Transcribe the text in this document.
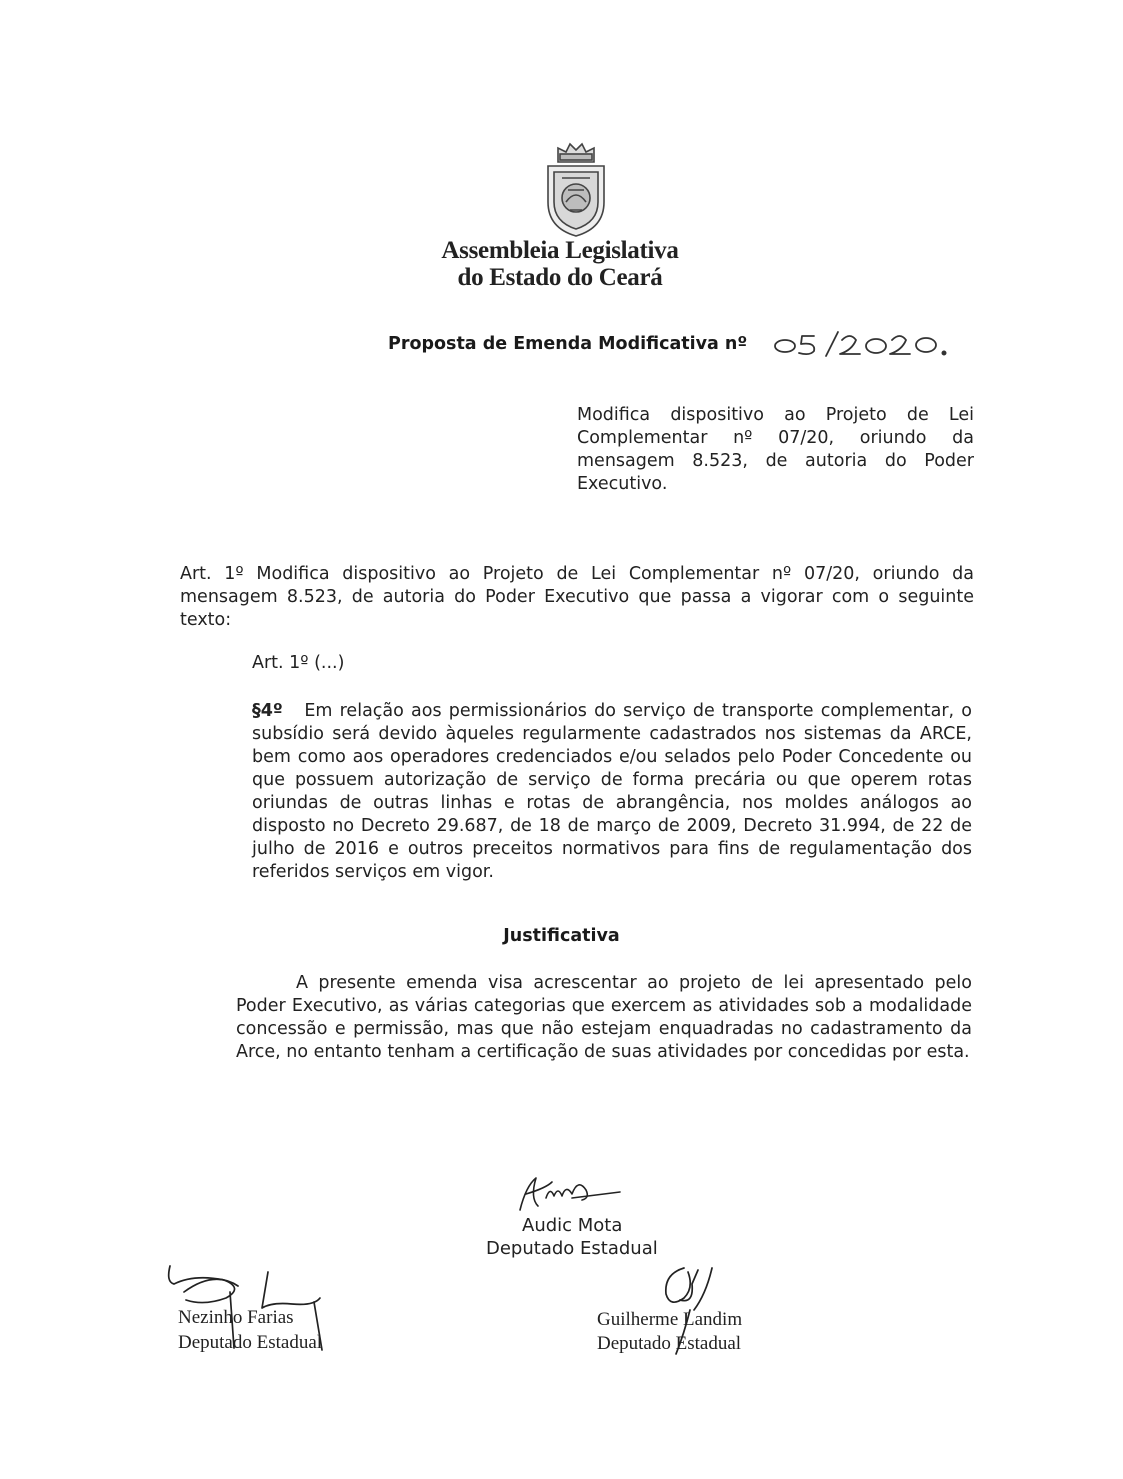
Assembleia Legislativa
do Estado do Ceará
Proposta de Emenda Modificativa nº
Modifica dispositivo ao Projeto de Lei Complementar nº 07/20, oriundo da mensagem 8.523, de autoria do Poder Executivo.
Art. 1º Modifica dispositivo ao Projeto de Lei Complementar nº 07/20, oriundo da mensagem 8.523, de autoria do Poder Executivo que passa a vigorar com o seguinte texto:
Art. 1º (...)
§4º Em relação aos permissionários do serviço de transporte complementar, o subsídio será devido àqueles regularmente cadastrados nos sistemas da ARCE, bem como aos operadores credenciados e/ou selados pelo Poder Concedente ou que possuem autorização de serviço de forma precária ou que operem rotas oriundas de outras linhas e rotas de abrangência, nos moldes análogos ao disposto no Decreto 29.687, de 18 de março de 2009, Decreto 31.994, de 22 de julho de 2016 e outros preceitos normativos para fins de regulamentação dos referidos serviços em vigor.
Justificativa
A presente emenda visa acrescentar ao projeto de lei apresentado pelo Poder Executivo, as várias categorias que exercem as atividades sob a modalidade concessão e permissão, mas que não estejam enquadradas no cadastramento da Arce, no entanto tenham a certificação de suas atividades por concedidas por esta.
Audic Mota
Deputado Estadual
Nezinho Farias
Deputado Estadual
Guilherme Landim
Deputado Estadual
